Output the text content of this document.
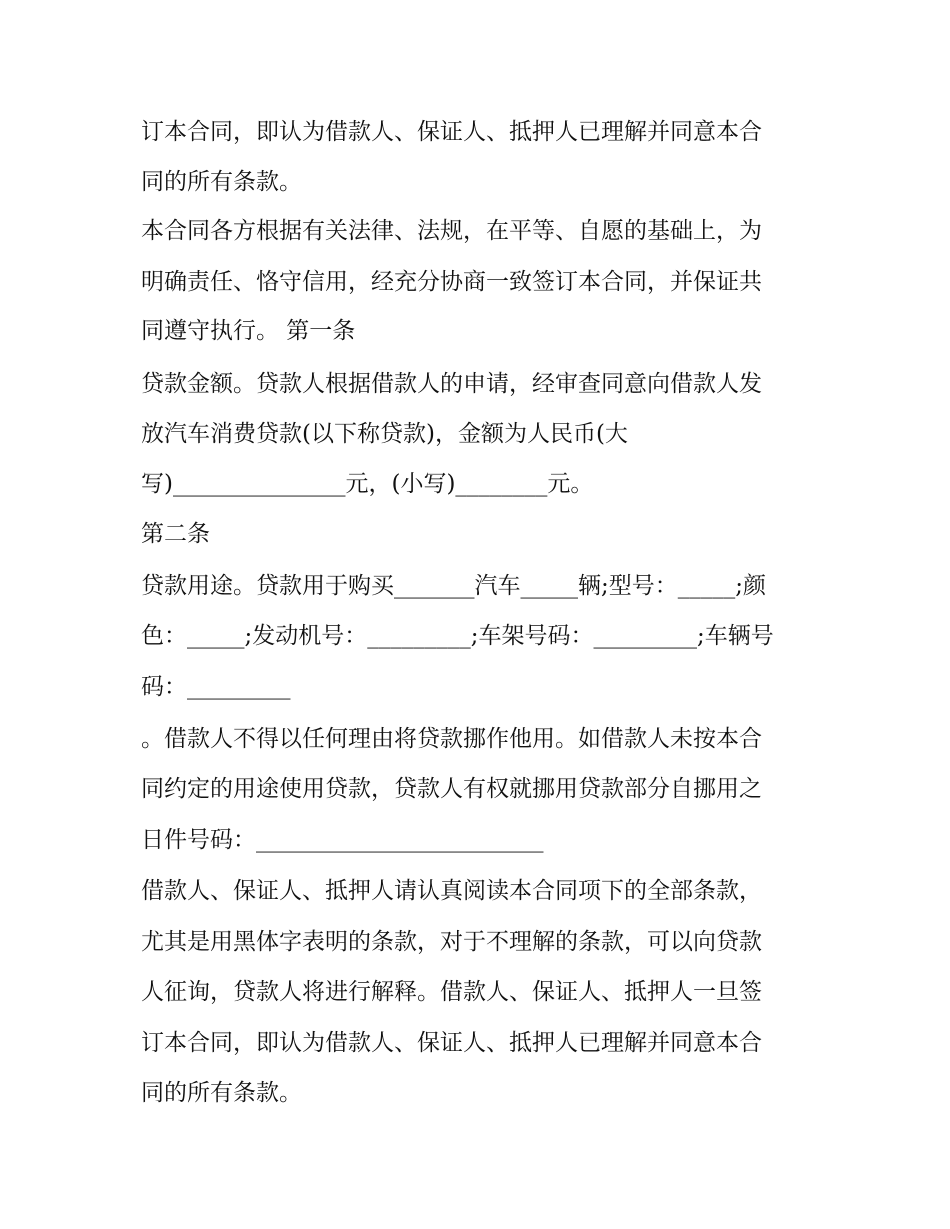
订本合同，即认为借款人、保证人、抵押人已理解并同意本合
同的所有条款。
本合同各方根据有关法律、法规，在平等、自愿的基础上，为
明确责任、恪守信用，经充分协商一致签订本合同，并保证共
同遵守执行。 第一条
贷款金额。贷款人根据借款人的申请，经审查同意向借款人发
放汽车消费贷款(以下称贷款)，金额为人民币(大
写)_______________元，(小写)________元。
第二条
贷款用途。贷款用于购买_______汽车_____辆;型号：_____;颜
色：_____;发动机号：_________;车架号码：_________;车辆号
码：_________
。借款人不得以任何理由将贷款挪作他用。如借款人未按本合
同约定的用途使用贷款，贷款人有权就挪用贷款部分自挪用之
日件号码：_________________________
借款人、保证人、抵押人请认真阅读本合同项下的全部条款，
尤其是用黑体字表明的条款，对于不理解的条款，可以向贷款
人征询，贷款人将进行解释。借款人、保证人、抵押人一旦签
订本合同，即认为借款人、保证人、抵押人已理解并同意本合
同的所有条款。
